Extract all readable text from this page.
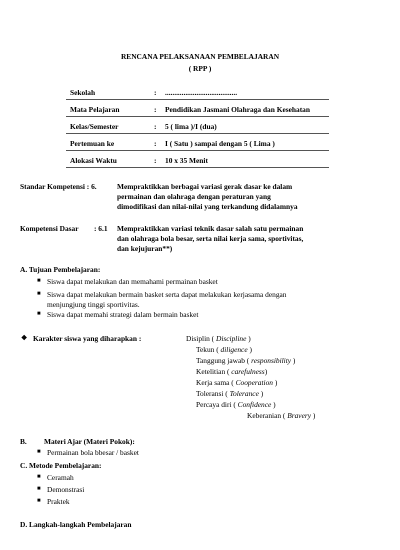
RENCANA PELAKSANAAN PEMBELAJARAN
( RPP )
Sekolah	: .......................................
Mata Pelajaran	: Pendidikan Jasmani Olahraga dan Kesehatan
Kelas/Semester	: 5 ( lima )/I (dua)
Pertemuan ke	: I ( Satu ) sampai dengan 5 ( Lima )
Alokasi Waktu	: 10 x 35 Menit
Standar Kompetensi : 6.	Mempraktikkan berbagai variasi gerak dasar ke dalam
permainan dan olahraga dengan peraturan yang
dimodifikasi dan nilai-nilai yang terkandung didalamnya
Kompetensi Dasar : 6.1 Mempraktikkan variasi teknik dasar salah satu permainan
dan olahraga bola besar, serta nilai kerja sama, sportivitas,
dan kejujuran**)
A. Tujuan Pembelajaran:
■ Siswa dapat melakukan dan memahami permainan basket
■ Siswa dapat melakukan bermain basket serta dapat melakukan kerjasama dengan
menjungjung tinggi sportivitas.
■ Siswa dapat memahi strategi dalam bermain basket
❖ Karakter siswa yang diharapkan :	Disiplin ( Discipline )
Tekun ( diligence )
Tanggung jawab ( responsibility )
Ketelitian ( carefulness)
Kerja sama ( Cooperation )
Toleransi ( Tolerance )
Percaya diri ( Confidence )
Keberanian ( Bravery )
B. Materi Ajar (Materi Pokok):
■ Permainan bola bbesar / basket
C. Metode Pembelajaran:
■ Ceramah
■ Demonstrasi
■ Praktek
D. Langkah-langkah Pembelajaran
